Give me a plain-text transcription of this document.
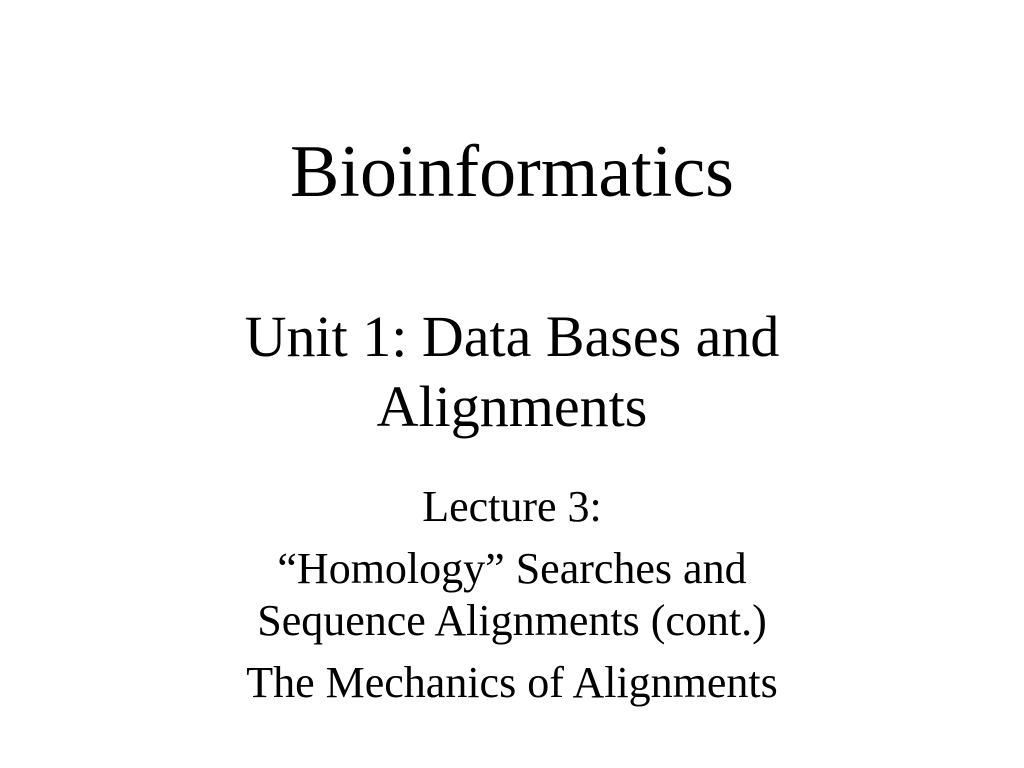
Bioinformatics
Unit 1: Data Bases and
Alignments
Lecture 3:
“Homology” Searches and
Sequence Alignments (cont.)
The Mechanics of Alignments
